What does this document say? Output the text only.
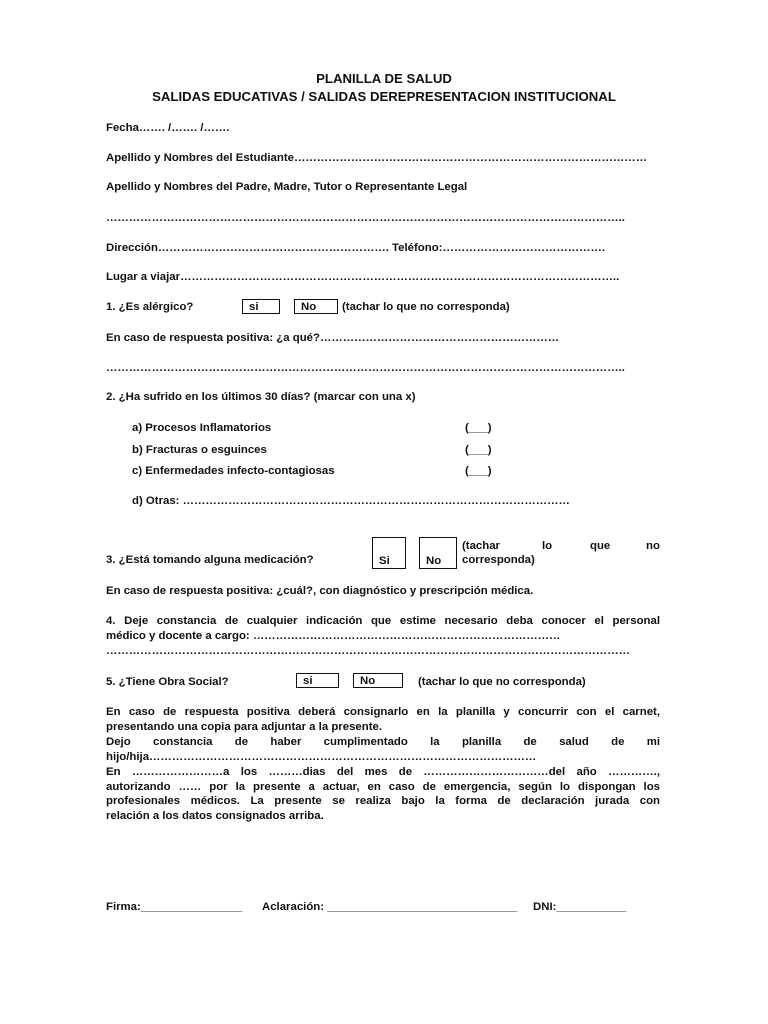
PLANILLA DE SALUD
SALIDAS EDUCATIVAS / SALIDAS DEREPRESENTACION INSTITUCIONAL
Fecha……. /……. /…….
Apellido y Nombres del Estudiante…………………………………………………………………………………
Apellido y Nombres del Padre, Madre, Tutor o Representante Legal
………………………………………………………………………………………………………………………..
Dirección……………………………………………………. Teléfono:…………………………………….
Lugar a viajar……………………………………………………………………………………………………..
1. ¿Es alérgico?	si	No	(tachar lo que no corresponda)
En caso de respuesta positiva: ¿a qué?………………………………………………………
………………………………………………………………………………………………………………………..
2. ¿Ha sufrido en los últimos 30 días? (marcar con una x)
a) Procesos Inflamatorios	(___)
b) Fracturas o esguinces	(___)
c) Enfermedades infecto-contagiosas	(___)
d) Otras: …………………………………………………………………………………………
3. ¿Está tomando alguna medicación?	Si	No
(tachar	lo	que	no
corresponda)
En caso de respuesta positiva: ¿cuál?, con diagnóstico y prescripción médica.
4. Deje constancia de cualquier indicación que estime necesario deba conocer el personal
médico y docente a cargo: ………………………………………………………………………
…………………………………………………………………………………………………………………………
5. ¿Tiene Obra Social?	si	No	(tachar lo que no corresponda)
En caso de respuesta positiva deberá consignarlo en la planilla y concurrir con el carnet,
presentando una copia para adjuntar a la presente.
Dejo constancia de haber cumplimentado la planilla de salud de mi
hijo/hija…………………………………………………………………………………………
En ……………………a los ………dias del mes de ……………………………del año ………….,
autorizando …… por la presente a actuar, en caso de emergencia, según lo dispongan los
profesionales médicos. La presente se realiza bajo la forma de declaración jurada con
relación a los datos consignados arriba.
Firma:________________ Aclaración: ______________________________ DNI:___________
